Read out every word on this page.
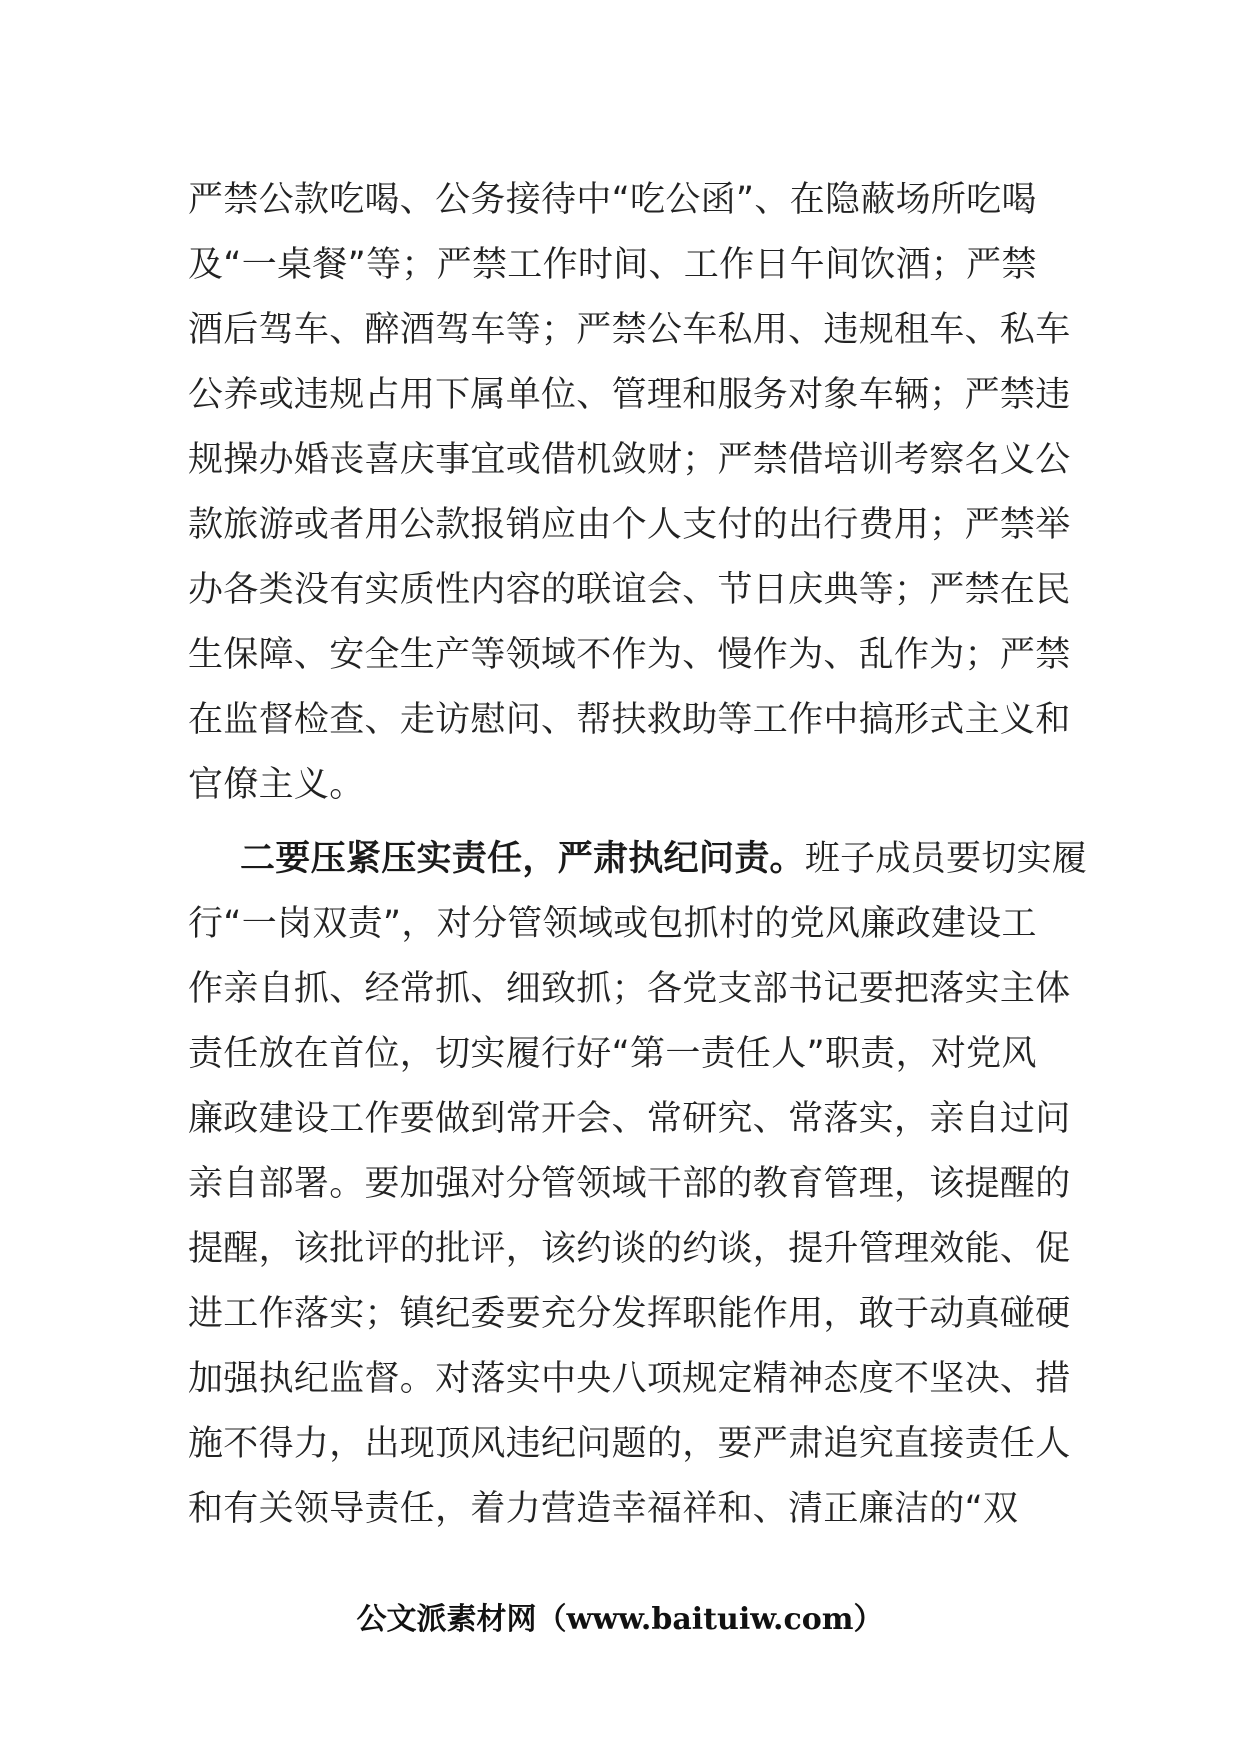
严禁公款吃喝、公务接待中“吃公函”、在隐蔽场所吃喝
及“一桌餐”等；严禁工作时间、工作日午间饮酒；严禁
酒后驾车、醉酒驾车等；严禁公车私用、违规租车、私车
公养或违规占用下属单位、管理和服务对象车辆；严禁违
规操办婚丧喜庆事宜或借机敛财；严禁借培训考察名义公
款旅游或者用公款报销应由个人支付的出行费用；严禁举
办各类没有实质性内容的联谊会、节日庆典等；严禁在民
生保障、安全生产等领域不作为、慢作为、乱作为；严禁
在监督检查、走访慰问、帮扶救助等工作中搞形式主义和
官僚主义。
二要压紧压实责任，严肃执纪问责。班子成员要切实履
行“一岗双责”，对分管领域或包抓村的党风廉政建设工
作亲自抓、经常抓、细致抓；各党支部书记要把落实主体
责任放在首位，切实履行好“第一责任人”职责，对党风
廉政建设工作要做到常开会、常研究、常落实，亲自过问
亲自部署。要加强对分管领域干部的教育管理，该提醒的
提醒，该批评的批评，该约谈的约谈，提升管理效能、促
进工作落实；镇纪委要充分发挥职能作用，敢于动真碰硬
加强执纪监督。对落实中央八项规定精神态度不坚决、措
施不得力，出现顶风违纪问题的，要严肃追究直接责任人
和有关领导责任，着力营造幸福祥和、清正廉洁的“双
公文派素材网（www.baituiw.com）
